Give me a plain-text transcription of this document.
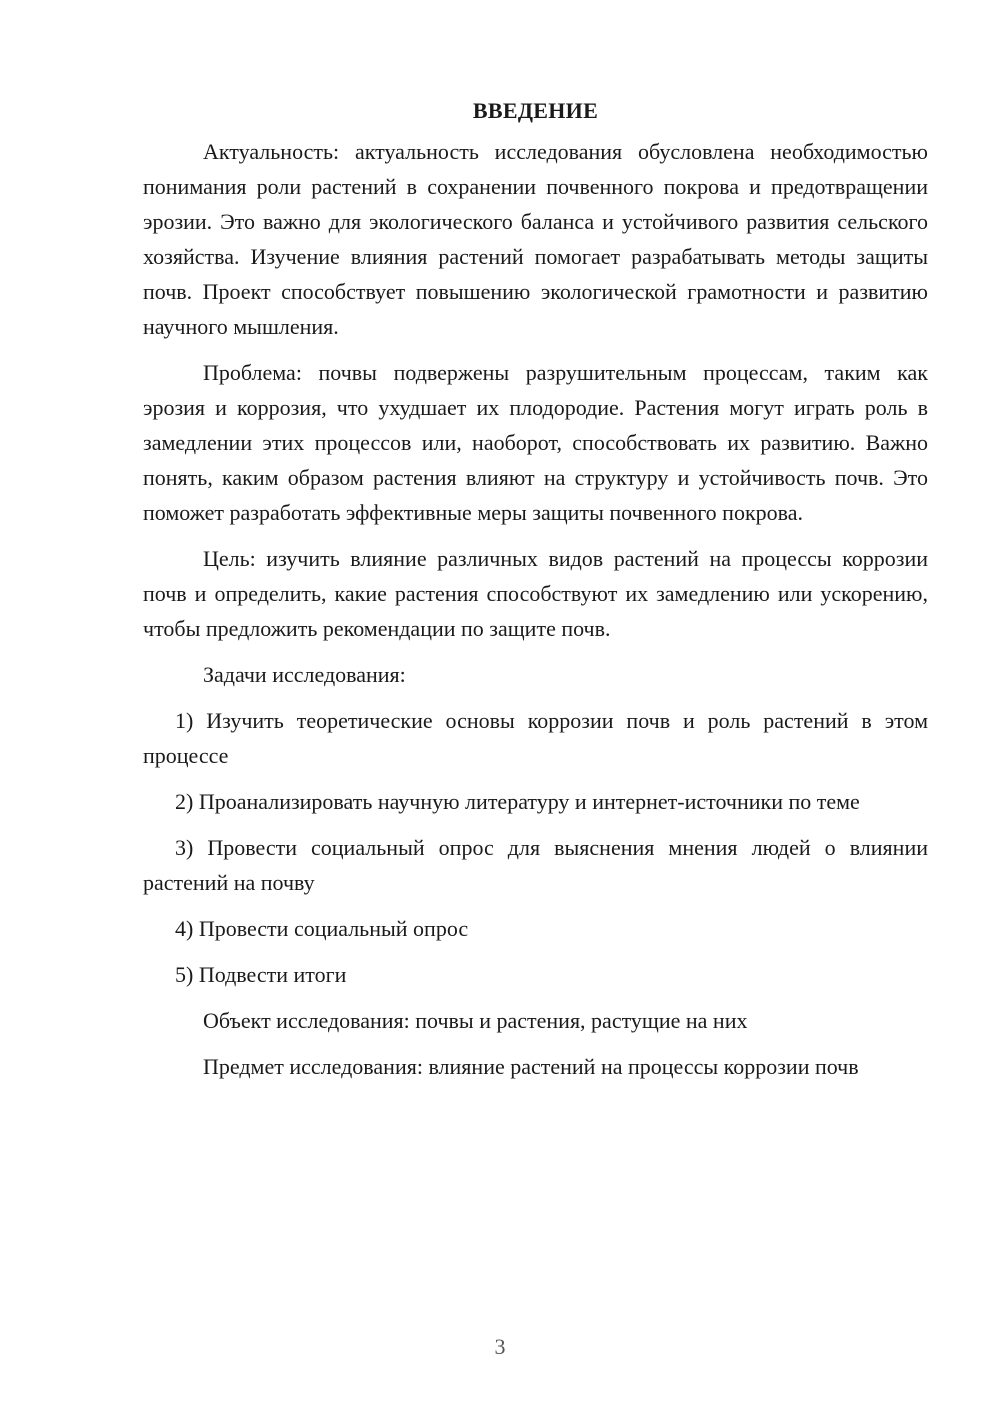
ВВЕДЕНИЕ

Актуальность: актуальность исследования обусловлена необходимостью понимания роли растений в сохранении почвенного покрова и предотвращении эрозии. Это важно для экологического баланса и устойчивого развития сельского хозяйства. Изучение влияния растений помогает разрабатывать методы защиты почв. Проект способствует повышению экологической грамотности и развитию научного мышления.

Проблема: почвы подвержены разрушительным процессам, таким как эрозия и коррозия, что ухудшает их плодородие. Растения могут играть роль в замедлении этих процессов или, наоборот, способствовать их развитию. Важно понять, каким образом растения влияют на структуру и устойчивость почв. Это поможет разработать эффективные меры защиты почвенного покрова.

Цель: изучить влияние различных видов растений на процессы коррозии почв и определить, какие растения способствуют их замедлению или ускорению, чтобы предложить рекомендации по защите почв.

Задачи исследования:

1) Изучить теоретические основы коррозии почв и роль растений в этом процессе

2) Проанализировать научную литературу и интернет-источники по теме

3) Провести социальный опрос для выяснения мнения людей о влиянии растений на почву

4) Провести социальный опрос

5) Подвести итоги

Объект исследования: почвы и растения, растущие на них

Предмет исследования: влияние растений на процессы коррозии почв

3
